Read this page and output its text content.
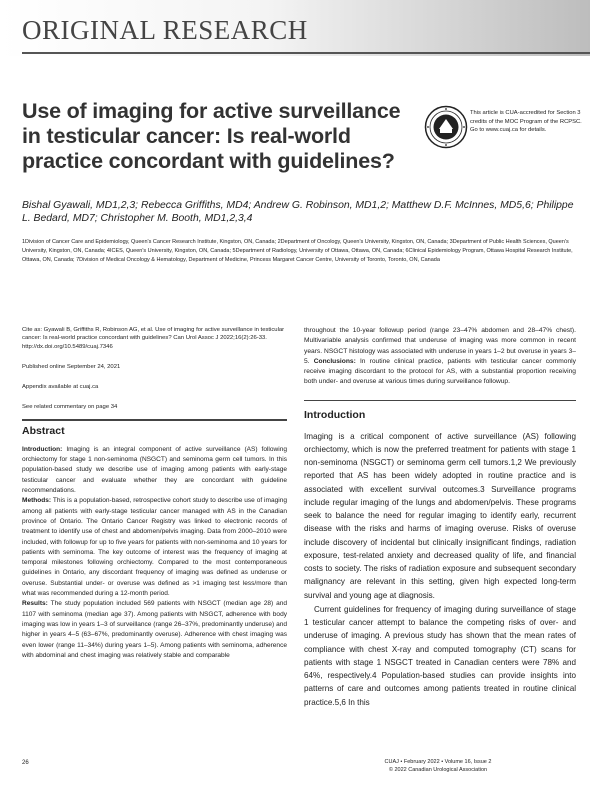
ORIGINAL RESEARCH
Use of imaging for active surveillance in testicular cancer: Is real-world practice concordant with guidelines?
This article is CUA-accredited for Section 3 credits of the MOC Program of the RCPSC. Go to www.cuaj.ca for details.
Bishal Gyawali, MD1,2,3; Rebecca Griffiths, MD4; Andrew G. Robinson, MD1,2; Matthew D.F. McInnes, MD5,6; Philippe L. Bedard, MD7; Christopher M. Booth, MD1,2,3,4
1Division of Cancer Care and Epidemiology, Queen's Cancer Research Institute, Kingston, ON, Canada; 2Department of Oncology, Queen's University, Kingston, ON, Canada; 3Department of Public Health Sciences, Queen's University, Kingston, ON, Canada; 4ICES, Queen's University, Kingston, ON, Canada; 5Department of Radiology, University of Ottawa, Ottawa, ON, Canada; 6Clinical Epidemiology Program, Ottawa Hospital Research Institute, Ottawa, ON, Canada; 7Division of Medical Oncology & Hematology, Department of Medicine, Princess Margaret Cancer Centre, University of Toronto, Toronto, ON, Canada
Cite as: Gyawali B, Griffiths R, Robinson AG, et al. Use of imaging for active surveillance in testicular cancer: Is real-world practice concordant with guidelines? Can Urol Assoc J 2022;16(2):26-33. http://dx.doi.org/10.5489/cuaj.7346
Published online September 24, 2021
Appendix available at cuaj.ca
See related commentary on page 34
Abstract
Introduction: Imaging is an integral component of active surveillance (AS) following orchiectomy for stage 1 non-seminoma (NSGCT) and seminoma germ cell tumors. In this population-based study we describe use of imaging among patients with early-stage testicular cancer and evaluate whether they are concordant with guideline recommendations.
Methods: This is a population-based, retrospective cohort study to describe use of imaging among all patients with early-stage testicular cancer managed with AS in the Canadian province of Ontario. The Ontario Cancer Registry was linked to electronic records of treatment to identify use of chest and abdomen/pelvis imaging. Data from 2000–2010 were included, with followup for up to five years for patients with non-seminoma and 10 years for patients with seminoma. The key outcome of interest was the frequency of imaging at temporal milestones following orchiectomy. Compared to the most contemporaneous guidelines in Ontario, any discordant frequency of imaging was defined as underuse or overuse. Substantial under- or overuse was defined as >1 imaging test less/more than what was recommended during a 12-month period.
Results: The study population included 569 patients with NSGCT (median age 28) and 1107 with seminoma (median age 37). Among patients with NSGCT, adherence with body imaging was low in years 1–3 of surveillance (range 26–37%, predominantly underuse) and higher in years 4–5 (63–67%, predominantly overuse). Adherence with chest imaging was even lower (range 11–34%) during years 1–5). Among patients with seminoma, adherence with abdominal and chest imaging was relatively stable and comparable
throughout the 10-year followup period (range 23–47% abdomen and 28–47% chest). Multivariable analysis confirmed that underuse of imaging was more common in recent years. NSGCT histology was associated with underuse in years 1–2 but overuse in years 3–5. Conclusions: In routine clinical practice, patients with testicular cancer commonly receive imaging discordant to the protocol for AS, with a substantial proportion receiving both under- and overuse at various times during surveillance followup.
Introduction

Imaging is a critical component of active surveillance (AS) following orchiectomy, which is now the preferred treatment for patients with stage 1 non-seminoma (NSGCT) or seminoma germ cell tumors.1,2 We previously reported that AS has been widely adopted in routine practice and is associated with excellent survival outcomes.3 Surveillance programs include regular imaging of the lungs and abdomen/pelvis. These programs seek to balance the need for regular imaging to identify early, recurrent disease with the risks and harms of imaging overuse. Risks of overuse include discovery of incidental but clinically insignificant findings, radiation exposure, test-related anxiety and decreased quality of life, and financial costs to society. The risks of radiation exposure and subsequent secondary malignancy are relevant in this setting, given high expected long-term survival and young age at diagnosis.

Current guidelines for frequency of imaging during surveillance of stage 1 testicular cancer attempt to balance the competing risks of over- and underuse of imaging. A previous study has shown that the mean rates of compliance with chest X-ray and computed tomography (CT) scans for patients with stage 1 NSGCT treated in Canadian centers were 78% and 64%, respectively.4 Population-based studies can provide insights into patterns of care and outcomes among patients treated in routine clinical practice.5,6 In this

26	CUAJ • February 2022 • Volume 16, Issue 2
© 2022 Canadian Urological Association
